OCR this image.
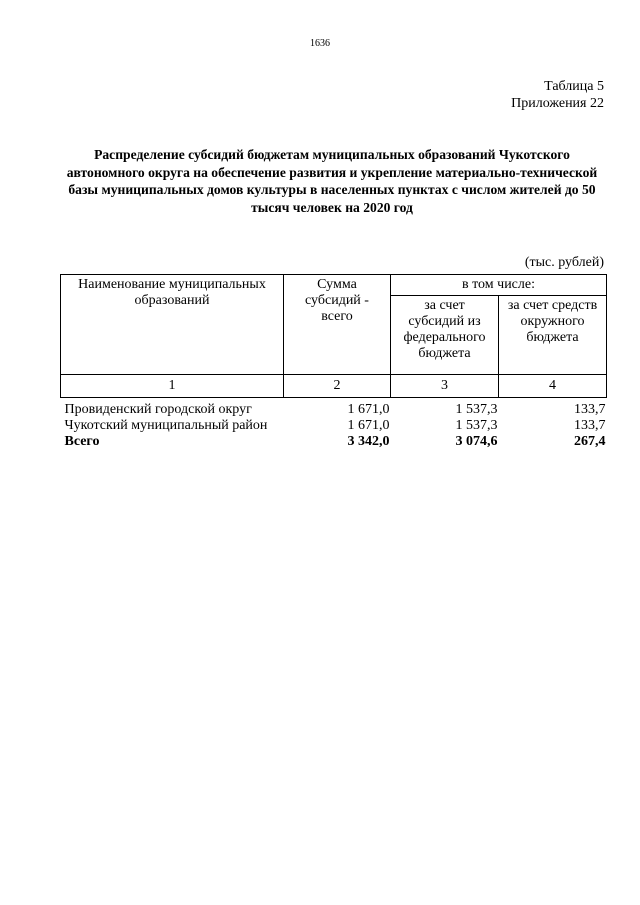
1636
Таблица 5
Приложения 22
Распределение субсидий бюджетам муниципальных образований Чукотского автономного округа на обеспечение развития и укрепление материально-технической базы муниципальных домов культуры в населенных пунктах с числом жителей до 50 тысяч человек на 2020 год
(тыс. рублей)
Наименование муниципальных образований	Сумма субсидий - всего	в том числе:	
		за счет субсидий из федерального бюджета	за счет средств окружного бюджета
1	2	3	4
Провиденский городской округ	1 671,0	1 537,3	133,7
Чукотский муниципальный район	1 671,0	1 537,3	133,7
Всего	3 342,0	3 074,6	267,4
